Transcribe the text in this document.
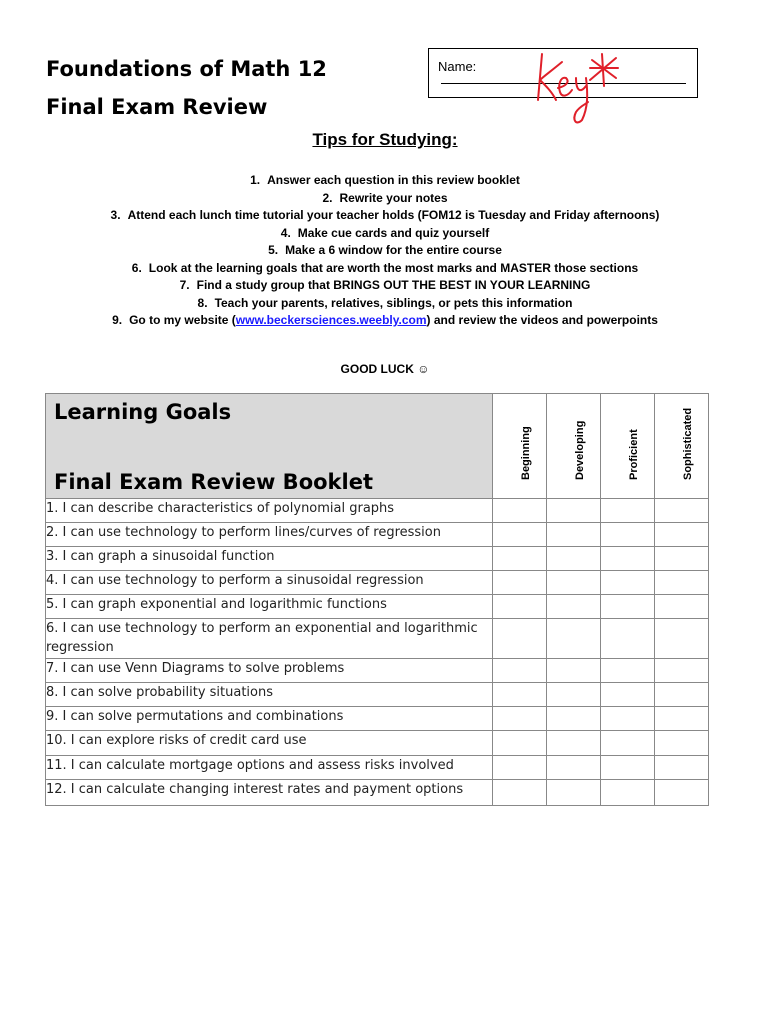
Foundations of Math 12
Final Exam Review
Name:
Tips for Studying:
1. Answer each question in this review booklet
2. Rewrite your notes
3. Attend each lunch time tutorial your teacher holds (FOM12 is Tuesday and Friday afternoons)
4. Make cue cards and quiz yourself
5. Make a 6 window for the entire course
6. Look at the learning goals that are worth the most marks and MASTER those sections
7. Find a study group that BRINGS OUT THE BEST IN YOUR LEARNING
8. Teach your parents, relatives, siblings, or pets this information
9. Go to my website (www.beckersciences.weebly.com) and review the videos and powerpoints
GOOD LUCK ☺
Learning Goals
Final Exam Review Booklet	Beginning	Developing	Proficient	Sophisticated

1. I can describe characteristics of polynomial graphs				
2. I can use technology to perform lines/curves of regression				
3. I can graph a sinusoidal function				
4. I can use technology to perform a sinusoidal regression				
5. I can graph exponential and logarithmic functions				
6. I can use technology to perform an exponential and logarithmic regression				
7. I can use Venn Diagrams to solve problems				
8. I can solve probability situations				
9. I can solve permutations and combinations				
10. I can explore risks of credit card use				
11. I can calculate mortgage options and assess risks involved				
12. I can calculate changing interest rates and payment options				
